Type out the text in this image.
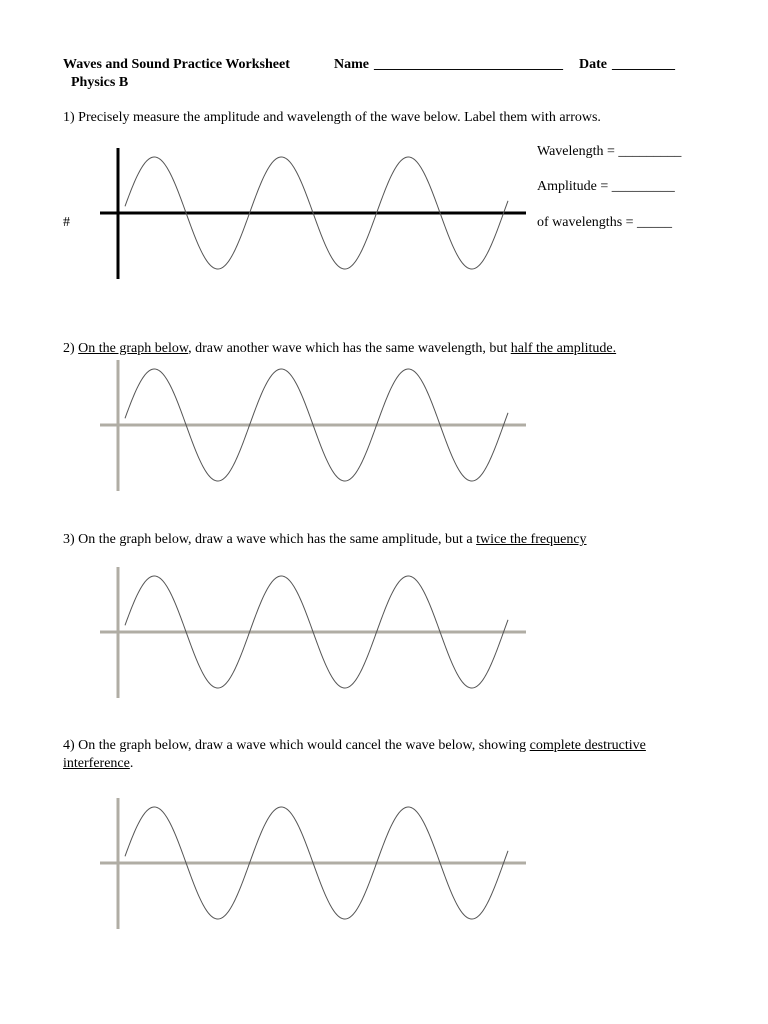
Waves and Sound Practice Worksheet	Name ___________________________ Date _________
Physics B
1) Precisely measure the amplitude and wavelength of the wave below. Label them with arrows.
Wavelength = _________
Amplitude = _________
#	of wavelengths = _____
2) On the graph below, draw another wave which has the same wavelength, but half the amplitude.
3) On the graph below, draw a wave which has the same amplitude, but a twice the frequency
4) On the graph below, draw a wave which would cancel the wave below, showing complete destructive
interference.
